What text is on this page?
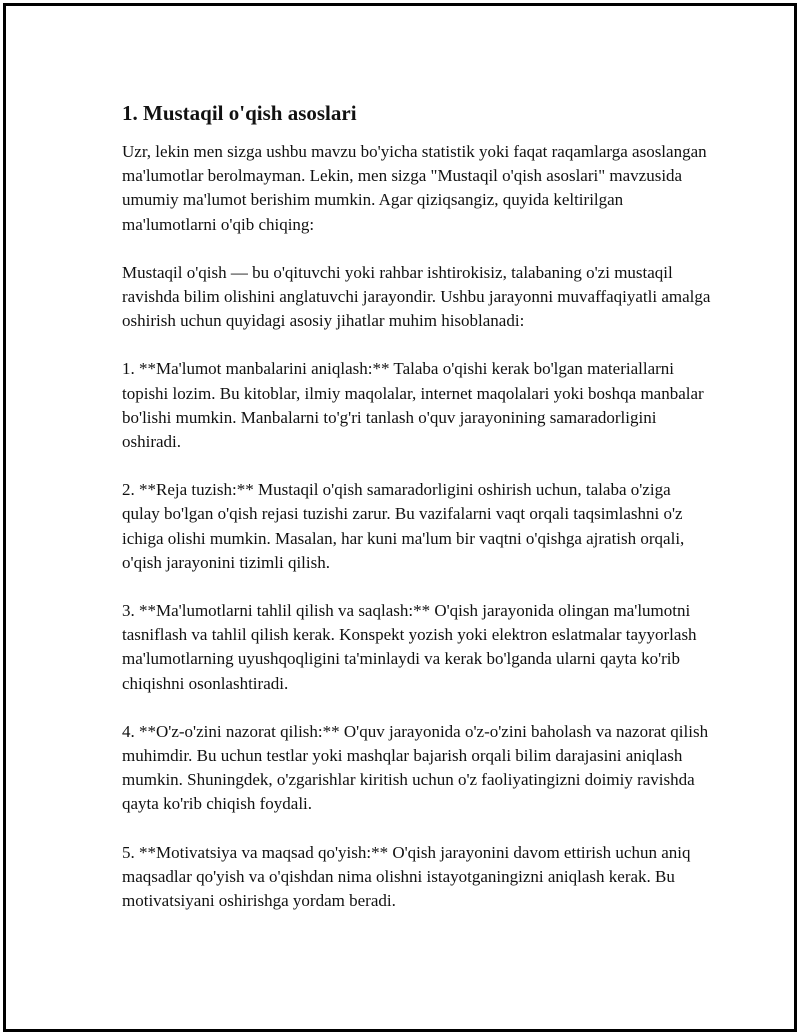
1. Mustaqil o'qish asoslari

Uzr, lekin men sizga ushbu mavzu bo'yicha statistik yoki faqat raqamlarga asoslangan ma'lumotlar berolmayman. Lekin, men sizga "Mustaqil o'qish asoslari" mavzusida umumiy ma'lumot berishim mumkin. Agar qiziqsangiz, quyida keltirilgan ma'lumotlarni o'qib chiqing:

Mustaqil o'qish — bu o'qituvchi yoki rahbar ishtirokisiz, talabaning o'zi mustaqil ravishda bilim olishini anglatuvchi jarayondir. Ushbu jarayonni muvaffaqiyatli amalga oshirish uchun quyidagi asosiy jihatlar muhim hisoblanadi:

1. **Ma'lumot manbalarini aniqlash:** Talaba o'qishi kerak bo'lgan materiallarni topishi lozim. Bu kitoblar, ilmiy maqolalar, internet maqolalari yoki boshqa manbalar bo'lishi mumkin. Manbalarni to'g'ri tanlash o'quv jarayonining samaradorligini oshiradi.

2. **Reja tuzish:** Mustaqil o'qish samaradorligini oshirish uchun, talaba o'ziga qulay bo'lgan o'qish rejasi tuzishi zarur. Bu vazifalarni vaqt orqali taqsimlashni o'z ichiga olishi mumkin. Masalan, har kuni ma'lum bir vaqtni o'qishga ajratish orqali, o'qish jarayonini tizimli qilish.

3. **Ma'lumotlarni tahlil qilish va saqlash:** O'qish jarayonida olingan ma'lumotni tasniflash va tahlil qilish kerak. Konspekt yozish yoki elektron eslatmalar tayyorlash ma'lumotlarning uyushqoqligini ta'minlaydi va kerak bo'lganda ularni qayta ko'rib chiqishni osonlashtiradi.

4. **O'z-o'zini nazorat qilish:** O'quv jarayonida o'z-o'zini baholash va nazorat qilish muhimdir. Bu uchun testlar yoki mashqlar bajarish orqali bilim darajasini aniqlash mumkin. Shuningdek, o'zgarishlar kiritish uchun o'z faoliyatingizni doimiy ravishda qayta ko'rib chiqish foydali.

5. **Motivatsiya va maqsad qo'yish:** O'qish jarayonini davom ettirish uchun aniq maqsadlar qo'yish va o'qishdan nima olishni istayotganingizni aniqlash kerak. Bu motivatsiyani oshirishga yordam beradi.
